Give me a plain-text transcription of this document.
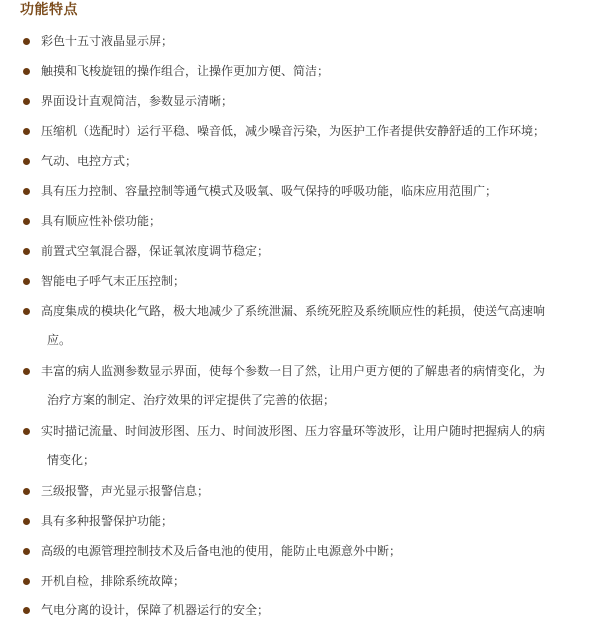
功能特点
彩色十五寸液晶显示屏；
触摸和飞梭旋钮的操作组合，让操作更加方便、简洁；
界面设计直观简洁，参数显示清晰；
压缩机（选配时）运行平稳、噪音低，减少噪音污染，为医护工作者提供安静舒适的工作环境；
气动、电控方式；
具有压力控制、容量控制等通气模式及吸氧、吸气保持的呼吸功能，临床应用范围广；
具有顺应性补偿功能；
前置式空氧混合器，保证氧浓度调节稳定；
智能电子呼气末正压控制；
高度集成的模块化气路，极大地减少了系统泄漏、系统死腔及系统顺应性的耗损，使送气高速响
应。
丰富的病人监测参数显示界面，使每个参数一目了然，让用户更方便的了解患者的病情变化，为
治疗方案的制定、治疗效果的评定提供了完善的依据；
实时描记流量、时间波形图、压力、时间波形图、压力容量环等波形，让用户随时把握病人的病
情变化；
三级报警，声光显示报警信息；
具有多种报警保护功能；
高级的电源管理控制技术及后备电池的使用，能防止电源意外中断；
开机自检，排除系统故障；
气电分离的设计，保障了机器运行的安全；
